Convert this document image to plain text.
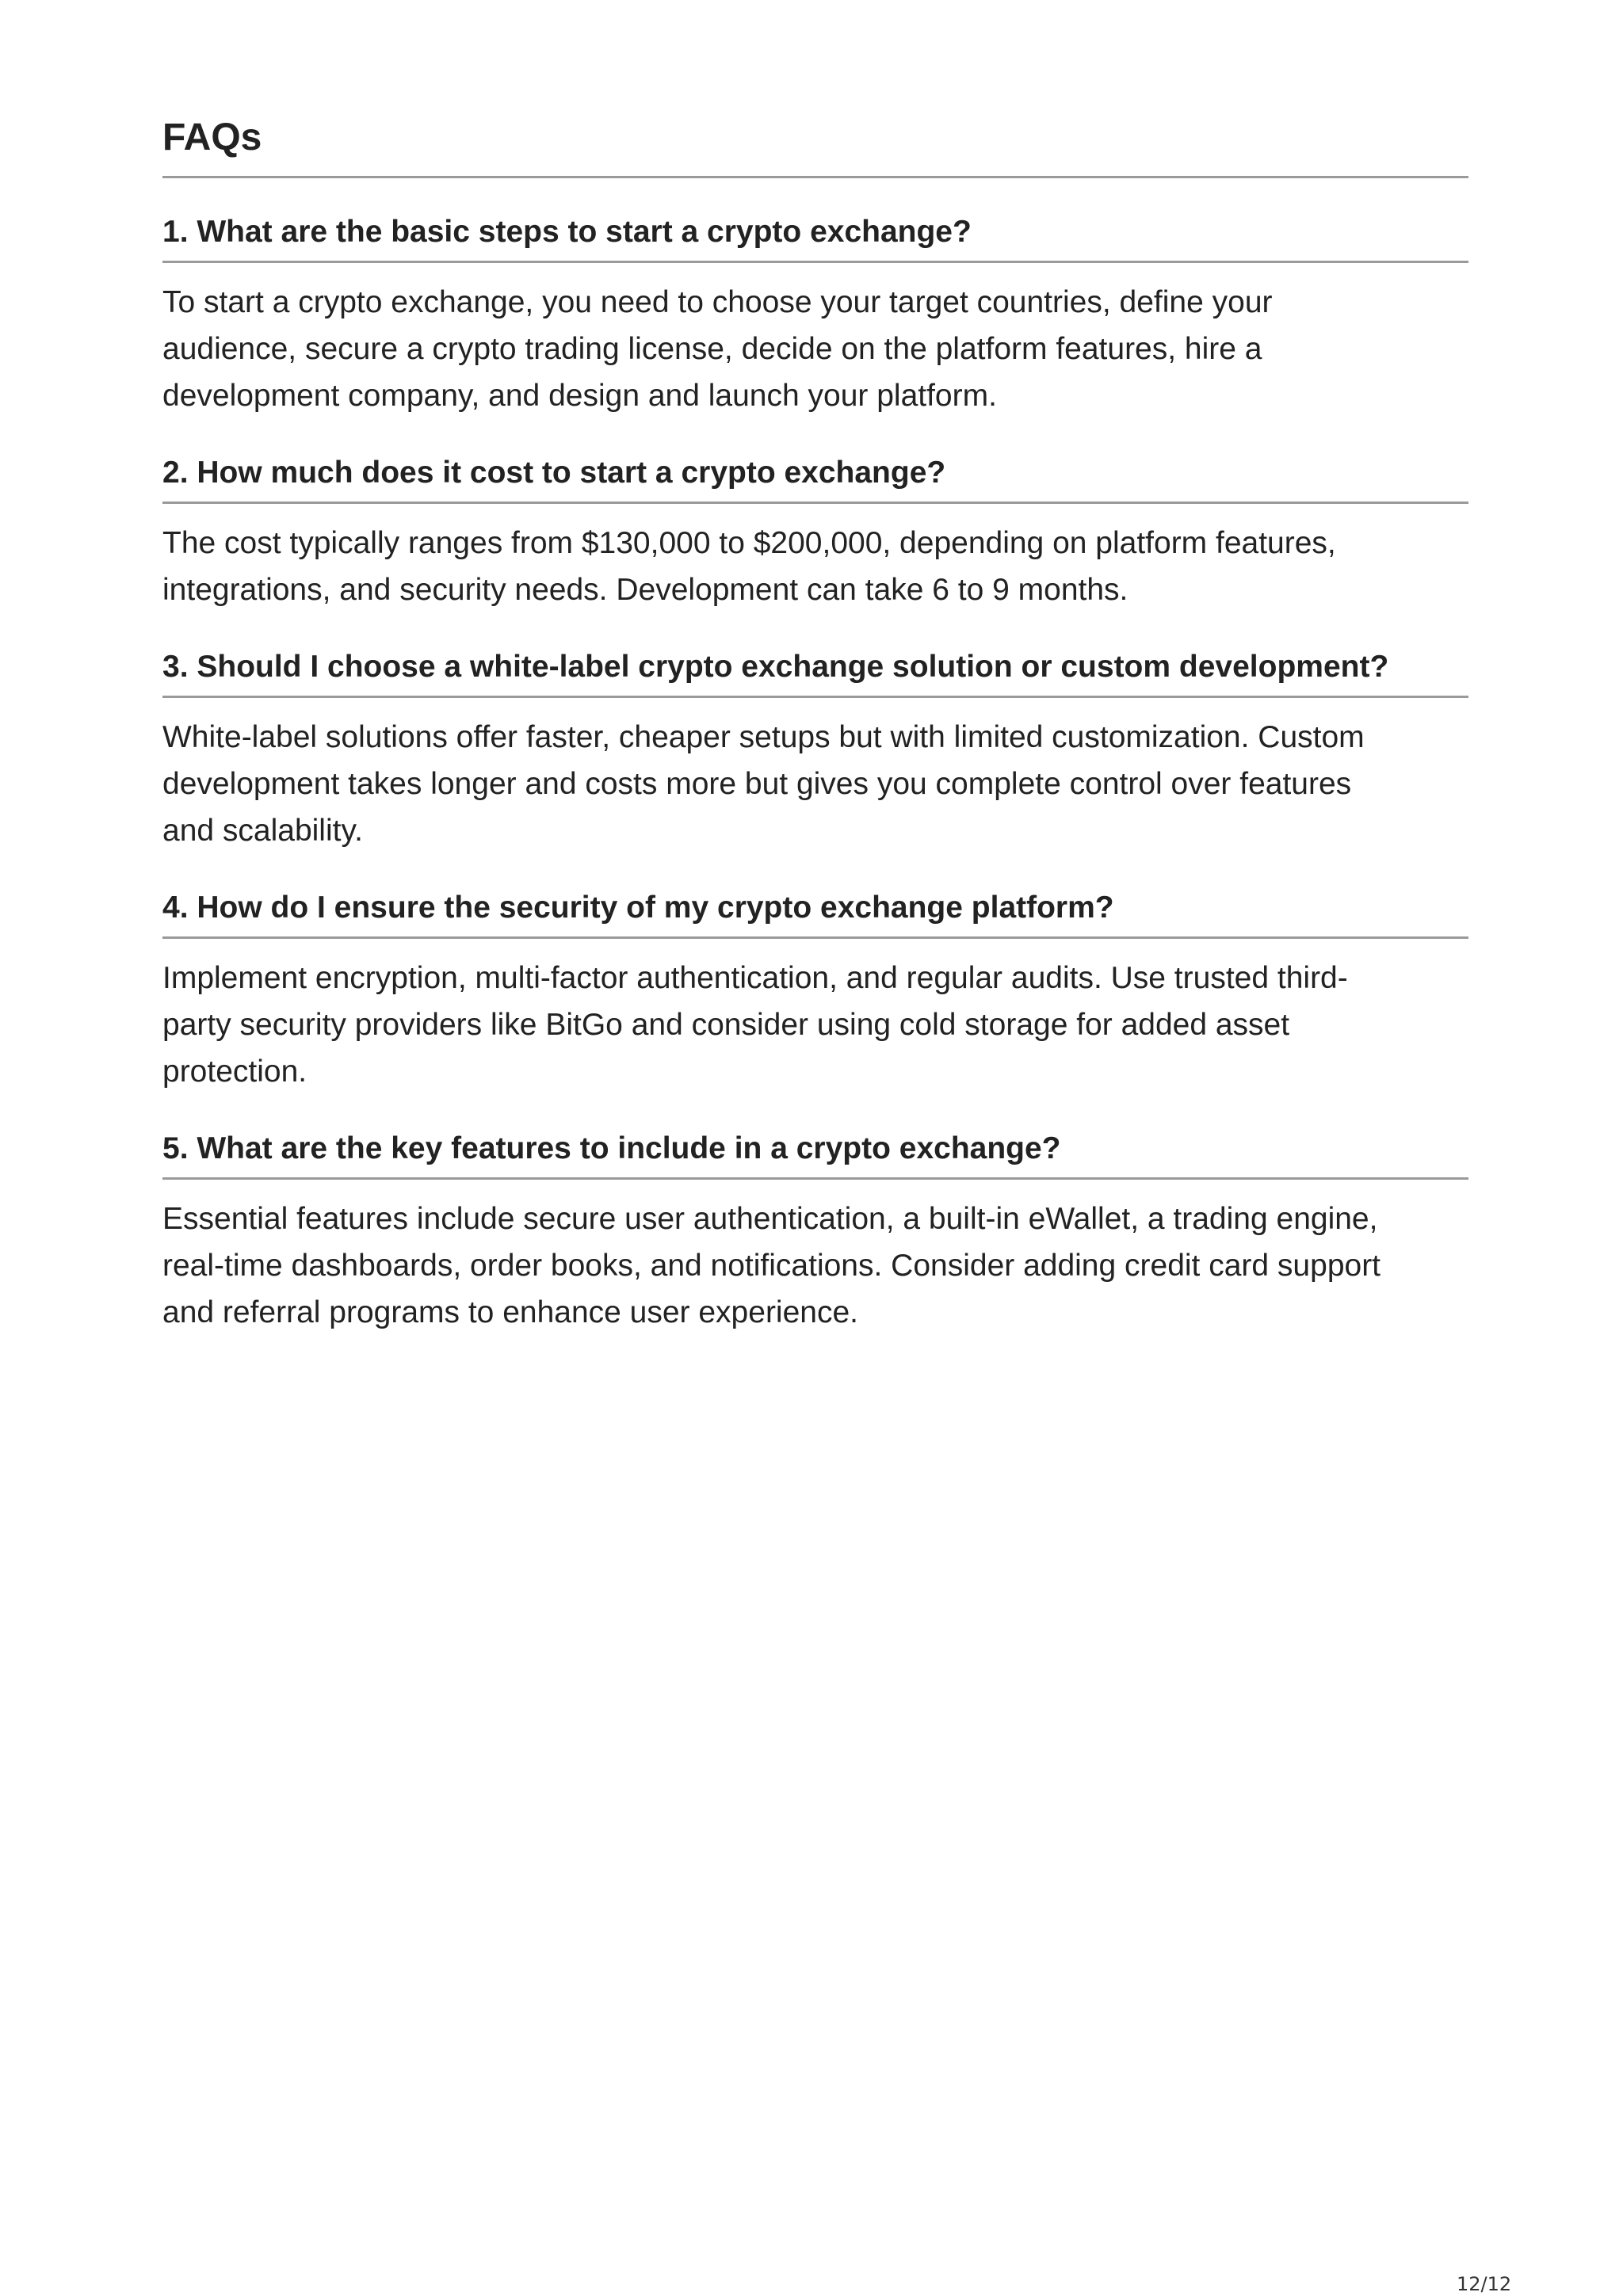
FAQs
1. What are the basic steps to start a crypto exchange?
To start a crypto exchange, you need to choose your target countries, define your
audience, secure a crypto trading license, decide on the platform features, hire a
development company, and design and launch your platform.
2. How much does it cost to start a crypto exchange?
The cost typically ranges from $130,000 to $200,000, depending on platform features,
integrations, and security needs. Development can take 6 to 9 months.
3. Should I choose a white-label crypto exchange solution or custom development?
White-label solutions offer faster, cheaper setups but with limited customization. Custom
development takes longer and costs more but gives you complete control over features
and scalability.
4. How do I ensure the security of my crypto exchange platform?
Implement encryption, multi-factor authentication, and regular audits. Use trusted third-
party security providers like BitGo and consider using cold storage for added asset
protection.
5. What are the key features to include in a crypto exchange?
Essential features include secure user authentication, a built-in eWallet, a trading engine,
real-time dashboards, order books, and notifications. Consider adding credit card support
and referral programs to enhance user experience.
12/12
